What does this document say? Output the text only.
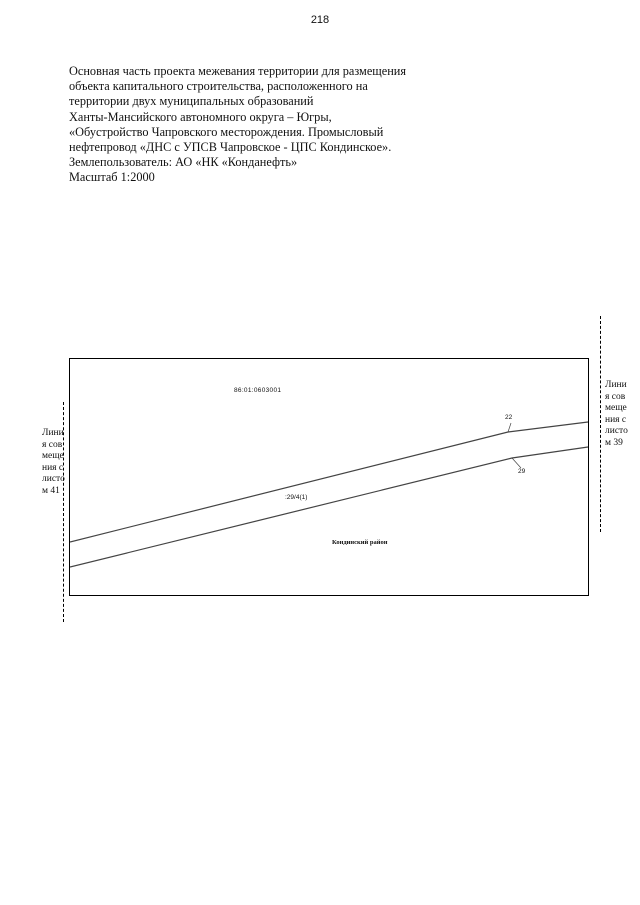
218
Основная часть проекта межевания территории для размещения
объекта капитального строительства, расположенного на
территории двух муниципальных образований
Ханты-Мансийского автономного округа – Югры,
«Обустройство Чапровского месторождения. Промысловый
нефтепровод «ДНС с УПСВ Чапровское - ЦПС Кондинское».
Землепользователь: АО «НК «Конданефть»
Масштаб 1:2000
86:01:0603001
:29/4(1)
Кондинский район
22
29
Линия совмещения с листом 41
Линия совмещения с листом 39
